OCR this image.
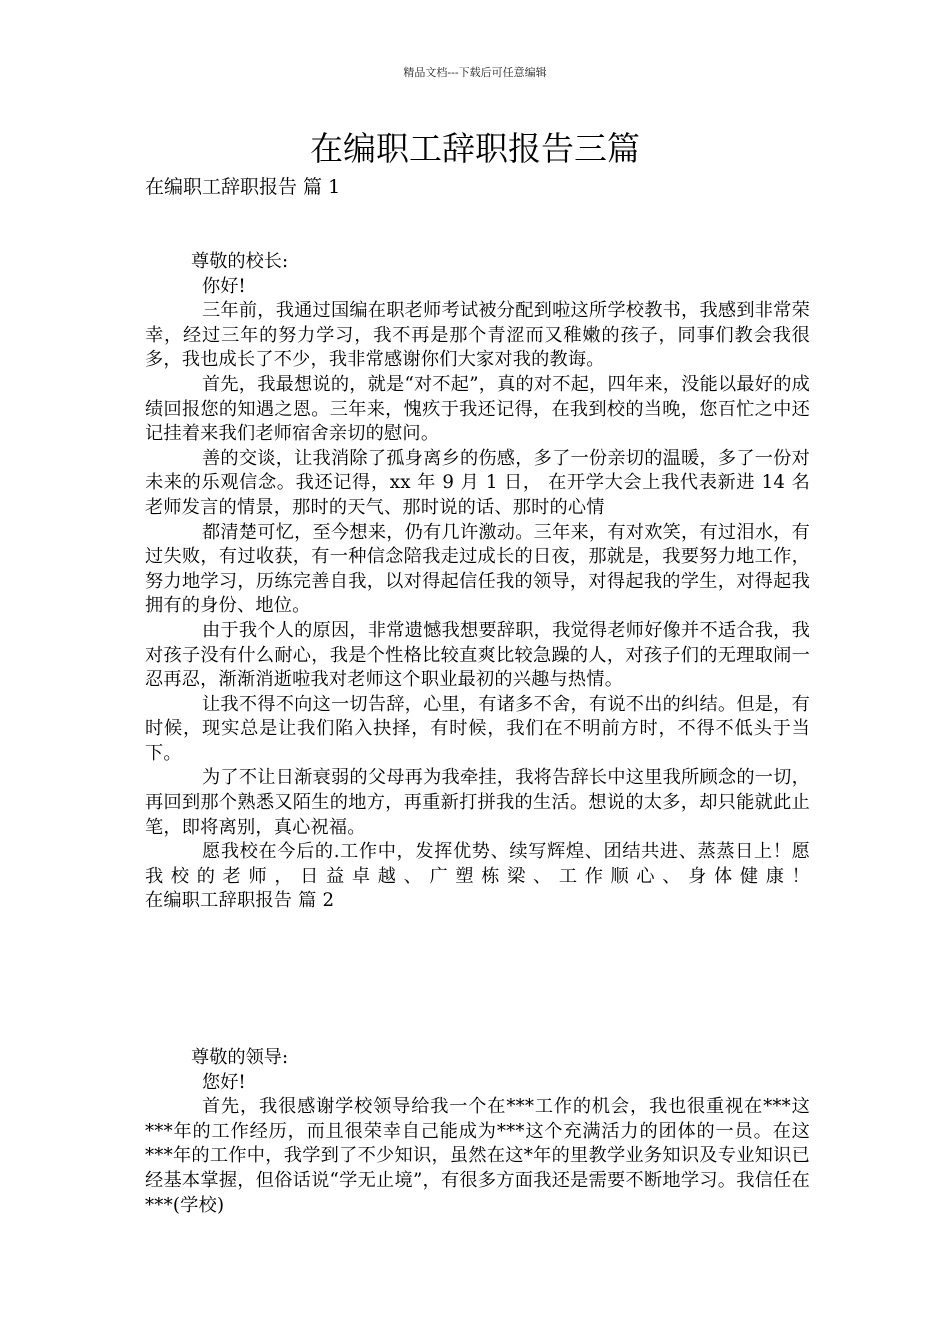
精品文档---下载后可任意编辑
在编职工辞职报告三篇
在编职工辞职报告 篇 1
尊敬的校长:
你好!

三年前，我通过国编在职老师考试被分配到啦这所学校教书，我感到非常荣幸，经过三年的努力学习，我不再是那个青涩而又稚嫩的孩子，同事们教会我很多，我也成长了不少，我非常感谢你们大家对我的教诲。

首先，我最想说的，就是“对不起”，真的对不起，四年来，没能以最好的成绩回报您的知遇之恩。三年来，愧疚于我还记得，在我到校的当晚，您百忙之中还记挂着来我们老师宿舍亲切的慰问。

善的交谈，让我消除了孤身离乡的伤感，多了一份亲切的温暖，多了一份对未来的乐观信念。我还记得，xx 年 9 月 1 日， 在开学大会上我代表新进 14 名老师发言的情景，那时的天气、那时说的话、那时的心情

都清楚可忆，至今想来，仍有几许激动。三年来，有对欢笑，有过泪水，有过失败，有过收获，有一种信念陪我走过成长的日夜，那就是，我要努力地工作，努力地学习，历练完善自我，以对得起信任我的领导，对得起我的学生，对得起我拥有的身份、地位。

由于我个人的原因，非常遗憾我想要辞职，我觉得老师好像并不适合我，我对孩子没有什么耐心，我是个性格比较直爽比较急躁的人，对孩子们的无理取闹一忍再忍，渐渐消逝啦我对老师这个职业最初的兴趣与热情。

让我不得不向这一切告辞，心里，有诸多不舍，有说不出的纠结。但是，有时候，现实总是让我们陷入抉择，有时候，我们在不明前方时，不得不低头于当下。

为了不让日渐衰弱的父母再为我牵挂，我将告辞长中这里我所顾念的一切，再回到那个熟悉又陌生的地方，再重新打拼我的生活。想说的太多，却只能就此止笔，即将离别，真心祝福。

愿我校在今后的.工作中，发挥优势、续写辉煌、团结共进、蒸蒸日上！愿我校的老师，日益卓越、广塑栋梁、工作顺心、身体健康！在编职工辞职报告 篇 2

尊敬的领导:
您好!

首先，我很感谢学校领导给我一个在***工作的机会，我也很重视在***这***年的工作经历，而且很荣幸自己能成为***这个充满活力的团体的一员。在这***年的工作中，我学到了不少知识，虽然在这*年的里教学业务知识及专业知识已经基本掌握，但俗话说“学无止境”，有很多方面我还是需要不断地学习。我信任在***(学校)
